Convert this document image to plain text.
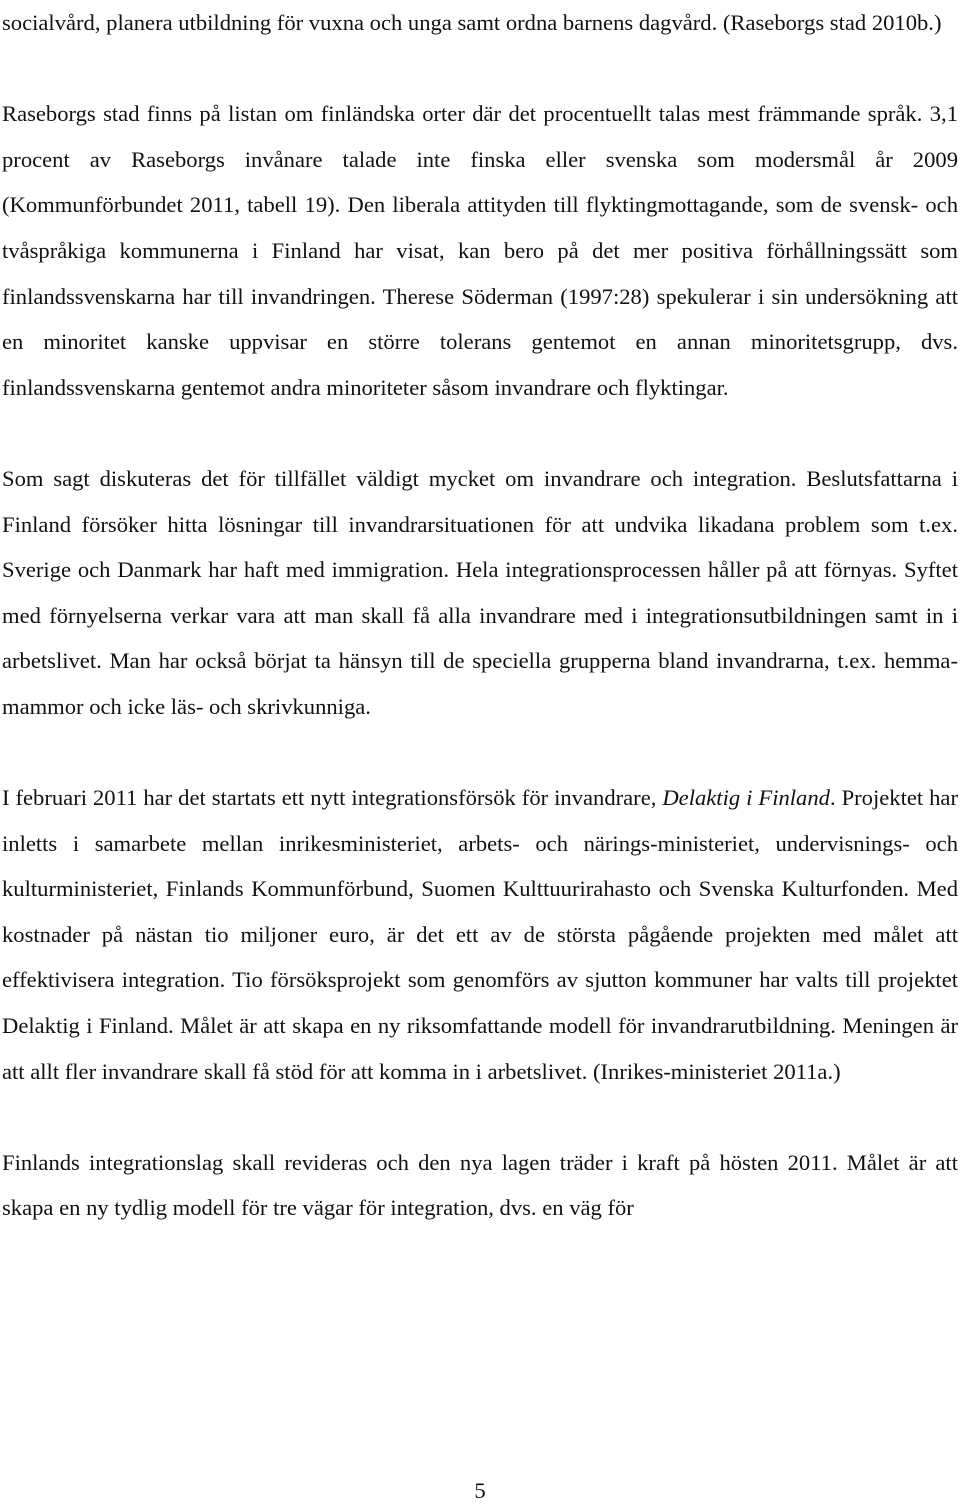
socialvård, planera utbildning för vuxna och unga samt ordna barnens dagvård. (Raseborgs stad 2010b.)

Raseborgs stad finns på listan om finländska orter där det procentuellt talas mest främmande språk. 3,1 procent av Raseborgs invånare talade inte finska eller svenska som modersmål år 2009 (Kommunförbundet 2011, tabell 19). Den liberala attityden till flyktingmottagande, som de svensk- och tvåspråkiga kommunerna i Finland har visat, kan bero på det mer positiva förhållningssätt som finlandssvenskarna har till invandringen. Therese Söderman (1997:28) spekulerar i sin undersökning att en minoritet kanske uppvisar en större tolerans gentemot en annan minoritetsgrupp, dvs. finlandssvenskarna gentemot andra minoriteter såsom invandrare och flyktingar.

Som sagt diskuteras det för tillfället väldigt mycket om invandrare och integration. Beslutsfattarna i Finland försöker hitta lösningar till invandrarsituationen för att undvika likadana problem som t.ex. Sverige och Danmark har haft med immigration. Hela integrationsprocessen håller på att förnyas. Syftet med förnyelserna verkar vara att man skall få alla invandrare med i integrationsutbildningen samt in i arbetslivet. Man har också börjat ta hänsyn till de speciella grupperna bland invandrarna, t.ex. hemma-mammor och icke läs- och skrivkunniga.

I februari 2011 har det startats ett nytt integrationsförsök för invandrare, Delaktig i Finland. Projektet har inletts i samarbete mellan inrikesministeriet, arbets- och närings-ministeriet, undervisnings- och kulturministeriet, Finlands Kommunförbund, Suomen Kulttuurirahasto och Svenska Kulturfonden. Med kostnader på nästan tio miljoner euro, är det ett av de största pågående projekten med målet att effektivisera integration. Tio försöksprojekt som genomförs av sjutton kommuner har valts till projektet Delaktig i Finland. Målet är att skapa en ny riksomfattande modell för invandrarutbildning. Meningen är att allt fler invandrare skall få stöd för att komma in i arbetslivet. (Inrikes-ministeriet 2011a.)

Finlands integrationslag skall revideras och den nya lagen träder i kraft på hösten 2011. Målet är att skapa en ny tydlig modell för tre vägar för integration, dvs. en väg för

5
